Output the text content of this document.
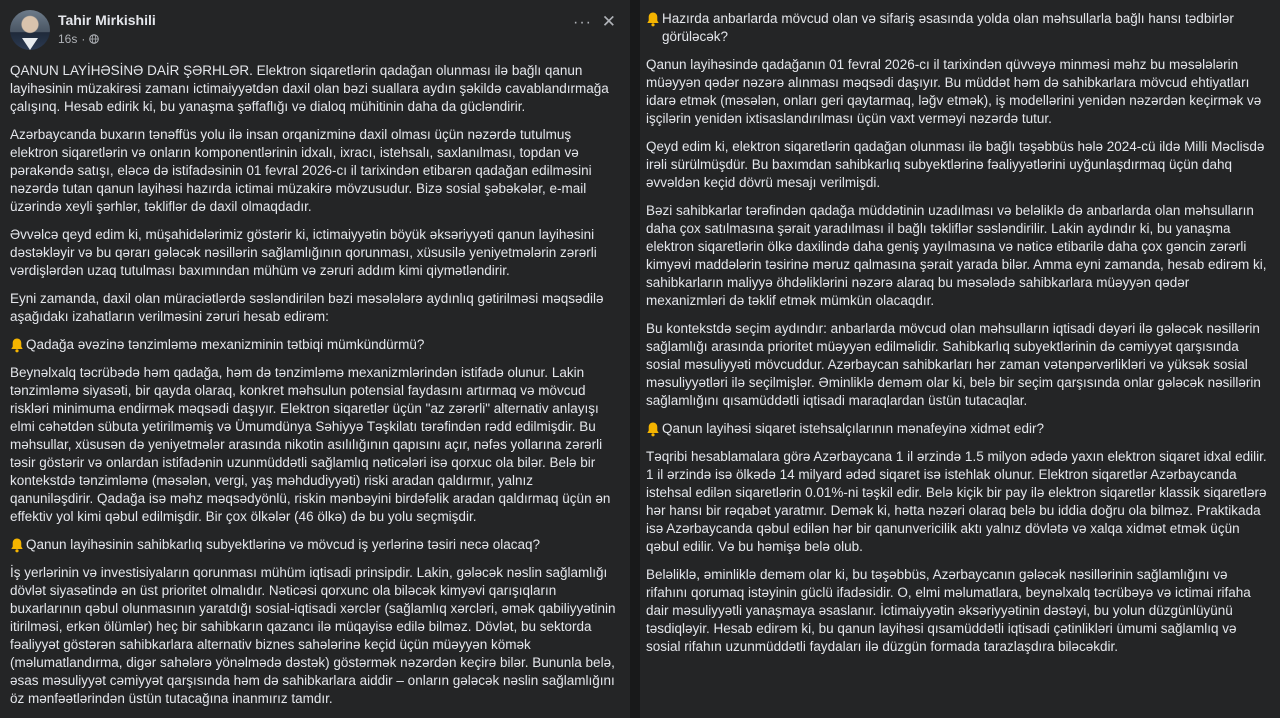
Tahir Mirkishili
16s ·
··· ✕

QANUN LAYİHƏSİNƏ DAİR ŞƏRHLƏR. Elektron siqaretlərin qadağan olunması ilə bağlı qanun layihəsinin müzakirəsi zamanı ictimaiyyətdən daxil olan bəzi suallara aydın şəkildə cavablandırmağa çalışınq. Hesab edirik ki, bu yanaşma şəffaflığı və dialoq mühitinin daha da gücləndirir.

Azərbaycanda buxarın tənəffüs yolu ilə insan orqanizminə daxil olması üçün nəzərdə tutulmuş elektron siqaretlərin və onların komponentlərinin idxalı, ixracı, istehsalı, saxlanılması, topdan və pərakəndə satışı, eləcə də istifadəsinin 01 fevral 2026-cı il tarixindən etibarən qadağan edilməsini nəzərdə tutan qanun layihəsi hazırda ictimai müzakirə mövzusudur. Bizə sosial şəbəkələr, e-mail üzərində xeyli şərhlər, təkliflər də daxil olmaqdadır.

Əvvəlcə qeyd edim ki, müşahidələrimiz göstərir ki, ictimaiyyətin böyük əksəriyyəti qanun layihəsini dəstəkləyir və bu qərarı gələcək nəsillərin sağlamlığının qorunması, xüsusilə yeniyetmələrin zərərli vərdişlərdən uzaq tutulması baxımından mühüm və zəruri addım kimi qiymətləndirir.

Eyni zamanda, daxil olan müraciətlərdə səsləndirilən bəzi məsələlərə aydınlıq gətirilməsi məqsədilə aşağıdakı izahatların verilməsini zəruri hesab edirəm:

Qadağa əvəzinə tənzimləmə mexanizminin tətbiqi mümkündürmü?

Beynəlxalq təcrübədə həm qadağa, həm də tənzimləmə mexanizmlərindən istifadə olunur. Lakin tənzimləmə siyasəti, bir qayda olaraq, konkret məhsulun potensial faydasını artırmaq və mövcud riskləri minimuma endirmək məqsədi daşıyır. Elektron siqaretlər üçün "az zərərli" alternativ anlayışı elmi cəhətdən sübuta yetirilməmiş və Ümumdünya Səhiyyə Təşkilatı tərəfindən rədd edilmişdir. Bu məhsullar, xüsusən də yeniyetmələr arasında nikotin asılılığının qapısını açır, nəfəs yollarına zərərli təsir göstərir və onlardan istifadənin uzunmüddətli sağlamlıq nəticələri isə qorxuc ola bilər. Belə bir kontekstdə tənzimləmə (məsələn, vergi, yaş məhdudiyyəti) riski aradan qaldırmır, yalnız qanuniləşdirir. Qadağa isə məhz məqsədyönlü, riskin mənbəyini birdəfəlik aradan qaldırmaq üçün ən effektiv yol kimi qəbul edilmişdir. Bir çox ölkələr (46 ölkə) də bu yolu seçmişdir.

Qanun layihəsinin sahibkarlıq subyektlərinə və mövcud iş yerlərinə təsiri necə olacaq?

İş yerlərinin və investisiyaların qorunması mühüm iqtisadi prinsipdir. Lakin, gələcək nəslin sağlamlığı dövlət siyasətində ən üst prioritet olmalıdır. Nəticəsi qorxunc ola biləcək kimyəvi qarışıqların buxarlarının qəbul olunmasının yaratdığı sosial-iqtisadi xərclər (sağlamlıq xərcləri, əmək qabiliyyətinin itirilməsi, erkən ölümlər) heç bir sahibkarın qazancı ilə müqayisə edilə bilməz. Dövlət, bu sektorda fəaliyyət göstərən sahibkarlara alternativ biznes sahələrinə keçid üçün müəyyən kömək (məlumatlandırma, digər sahələrə yönəlmədə dəstək) göstərmək nəzərdən keçirə bilər. Bununla belə, əsas məsuliyyət cəmiyyət qarşısında həm də sahibkarlara aiddir – onların gələcək nəslin sağlamlığını öz mənfəətlərindən üstün tutacağına inanmırız tamdır.

Hazırda anbarlarda mövcud olan və sifariş əsasında yolda olan məhsullarla bağlı hansı tədbirlər görüləcək?

Qanun layihəsində qadağanın 01 fevral 2026-cı il tarixindən qüvvəyə minməsi məhz bu məsələlərin müəyyən qədər nəzərə alınması məqsədi daşıyır. Bu müddət həm də sahibkarlara mövcud ehtiyatları idarə etmək (məsələn, onları geri qaytarmaq, ləğv etmək), iş modellərini yenidən nəzərdən keçirmək və işçilərin yenidən ixtisaslandırılması üçün vaxt verməyi nəzərdə tutur.

Qeyd edim ki, elektron siqaretlərin qadağan olunması ilə bağlı təşəbbüs hələ 2024-cü ildə Milli Məclisdə irəli sürülmüşdür. Bu baxımdan sahibkarlıq subyektlərinə fəaliyyətlərini uyğunlaşdırmaq üçün dahq əvvəldən keçid dövrü mesajı verilmişdi.

Bəzi sahibkarlar tərəfindən qadağa müddətinin uzadılması və beləliklə də anbarlarda olan məhsulların daha çox satılmasına şərait yaradılması il bağlı təkliflər səsləndirilir. Lakin aydındır ki, bu yanaşma elektron siqaretlərin ölkə daxilində daha geniş yayılmasına və nəticə etibarilə daha çox gəncin zərərli kimyəvi maddələrin təsirinə məruz qalmasına şərait yarada bilər. Amma eyni zamanda, hesab edirəm ki, sahibkarların maliyyə öhdəliklərini nəzərə alaraq bu məsələdə sahibkarlara müəyyən qədər mexanizmləri də təklif etmək mümkün olacaqdır.

Bu kontekstdə seçim aydındır: anbarlarda mövcud olan məhsulların iqtisadi dəyəri ilə gələcək nəsillərin sağlamlığı arasında prioritet müəyyən edilməlidir. Sahibkarlıq subyektlərinin də cəmiyyət qarşısında sosial məsuliyyəti mövcuddur. Azərbaycan sahibkarları hər zaman vətənpərvərlikləri və yüksək sosial məsuliyyətləri ilə seçilmişlər. Əminliklə deməm olar ki, belə bir seçim qarşısında onlar gələcək nəsillərin sağlamlığını qısamüddətli iqtisadi maraqlardan üstün tutacaqlar.

Qanun layihəsi siqaret istehsalçılarının mənafeyinə xidmət edir?

Təqribi hesablamalara görə Azərbaycana 1 il ərzində 1.5 milyon ədədə yaxın elektron siqaret idxal edilir. 1 il ərzində isə ölkədə 14 milyard ədəd siqaret isə istehlak olunur. Elektron siqaretlər Azərbaycanda istehsal edilən siqaretlərin 0.01%-ni təşkil edir. Belə kiçik bir pay ilə elektron siqaretlər klassik siqaretlərə hər hansı bir rəqabət yaratmır. Demək ki, hətta nəzəri olaraq belə bu iddia doğru ola bilməz. Praktikada isə Azərbaycanda qəbul edilən hər bir qanunvericilik aktı yalnız dövlətə və xalqa xidmət etmək üçün qəbul edilir. Və bu həmişə belə olub.

Beləliklə, əminliklə deməm olar ki, bu təşəbbüs, Azərbaycanın gələcək nəsillərinin sağlamlığını və rifahını qorumaq istəyinin güclü ifadəsidir. O, elmi məlumatlara, beynəlxalq təcrübəyə və ictimai rifaha dair məsuliyyətli yanaşmaya əsaslanır. İctimaiyyətin əksəriyyətinin dəstəyi, bu yolun düzgünlüyünü təsdiqləyir. Hesab edirəm ki, bu qanun layihəsi qısamüddətli iqtisadi çətinlikləri ümumi sağlamlıq və sosial rifahın uzunmüddətli faydaları ilə düzgün formada tarazlaşdıra biləcəkdir.
